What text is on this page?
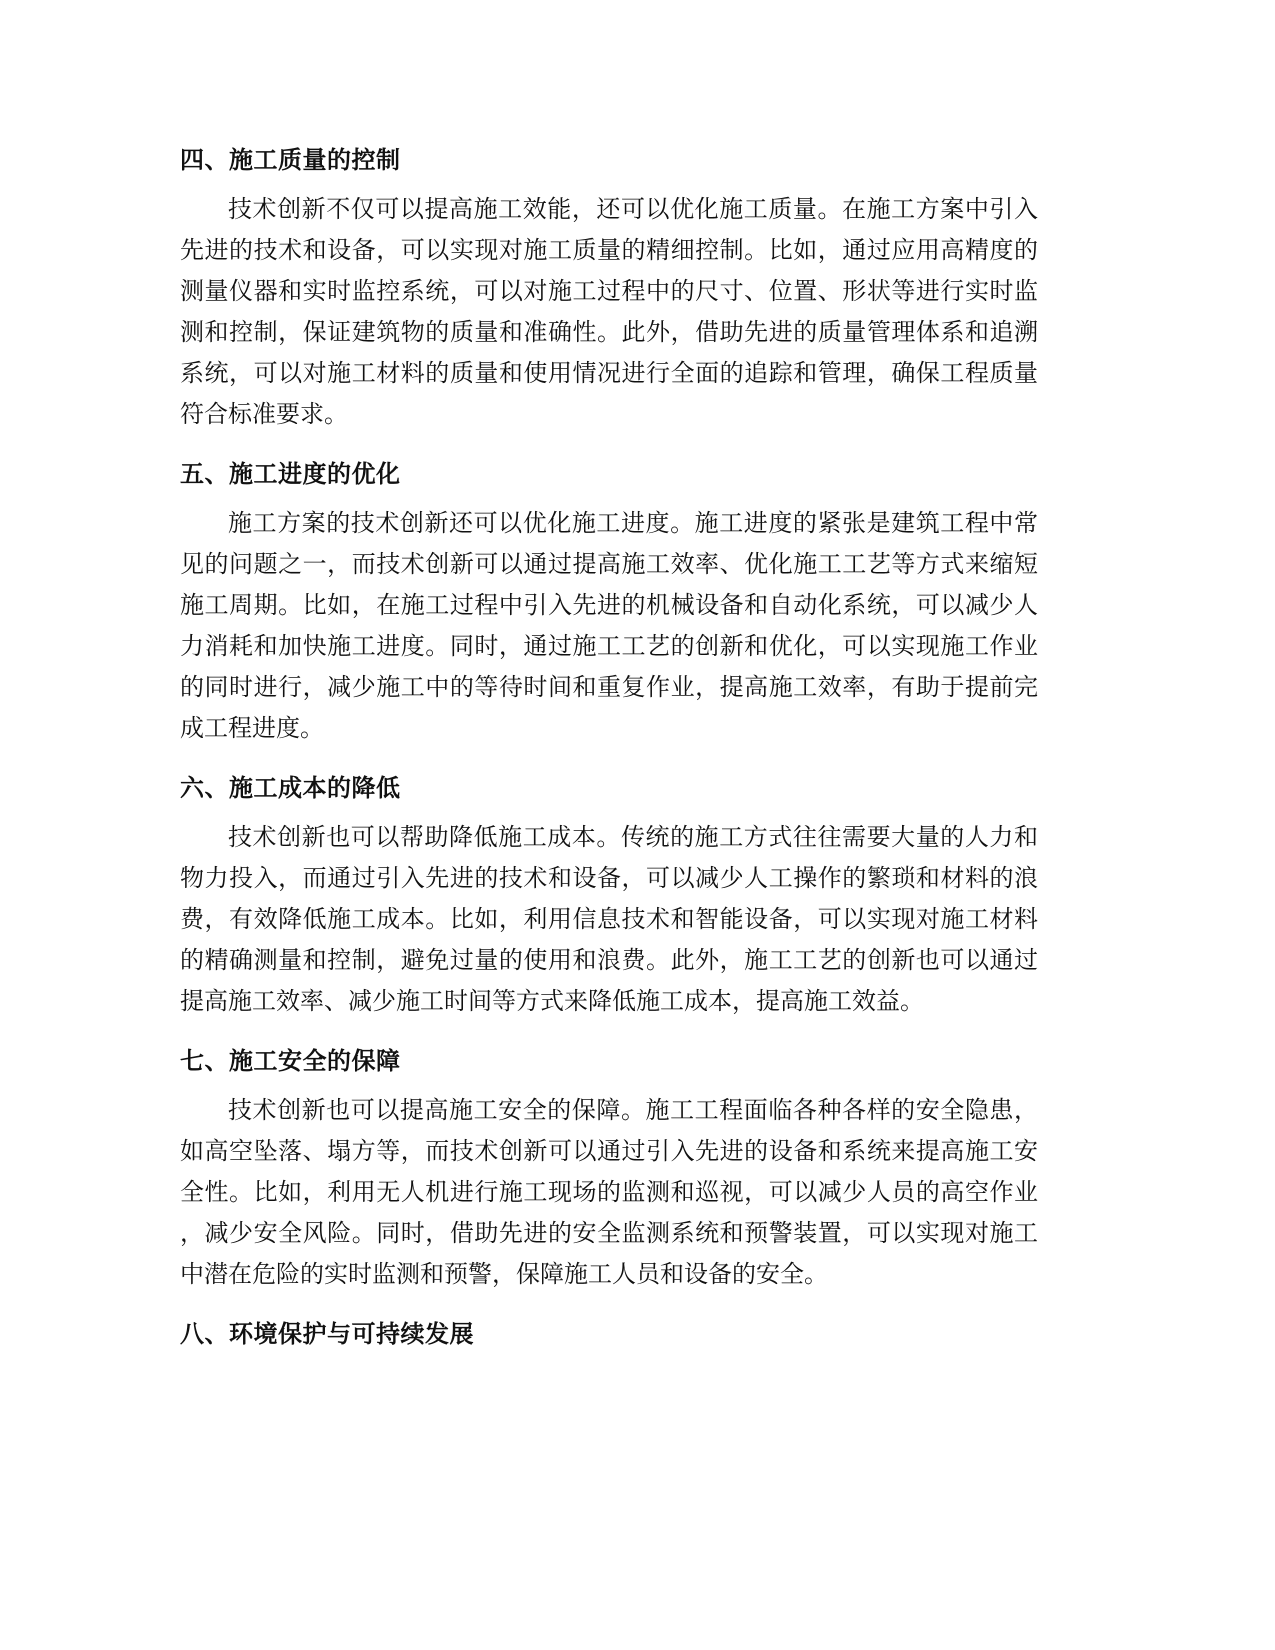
四、施工质量的控制

技术创新不仅可以提高施工效能，还可以优化施工质量。在施工方案中引入先进的技术和设备，可以实现对施工质量的精细控制。比如，通过应用高精度的测量仪器和实时监控系统，可以对施工过程中的尺寸、位置、形状等进行实时监测和控制，保证建筑物的质量和准确性。此外，借助先进的质量管理体系和追溯系统，可以对施工材料的质量和使用情况进行全面的追踪和管理，确保工程质量符合标准要求。

五、施工进度的优化

施工方案的技术创新还可以优化施工进度。施工进度的紧张是建筑工程中常见的问题之一，而技术创新可以通过提高施工效率、优化施工工艺等方式来缩短施工周期。比如，在施工过程中引入先进的机械设备和自动化系统，可以减少人力消耗和加快施工进度。同时，通过施工工艺的创新和优化，可以实现施工作业的同时进行，减少施工中的等待时间和重复作业，提高施工效率，有助于提前完成工程进度。

六、施工成本的降低

技术创新也可以帮助降低施工成本。传统的施工方式往往需要大量的人力和物力投入，而通过引入先进的技术和设备，可以减少人工操作的繁琐和材料的浪费，有效降低施工成本。比如，利用信息技术和智能设备，可以实现对施工材料的精确测量和控制，避免过量的使用和浪费。此外，施工工艺的创新也可以通过提高施工效率、减少施工时间等方式来降低施工成本，提高施工效益。

七、施工安全的保障

技术创新也可以提高施工安全的保障。施工工程面临各种各样的安全隐患，如高空坠落、塌方等，而技术创新可以通过引入先进的设备和系统来提高施工安全性。比如，利用无人机进行施工现场的监测和巡视，可以减少人员的高空作业，减少安全风险。同时，借助先进的安全监测系统和预警装置，可以实现对施工中潜在危险的实时监测和预警，保障施工人员和设备的安全。

八、环境保护与可持续发展
